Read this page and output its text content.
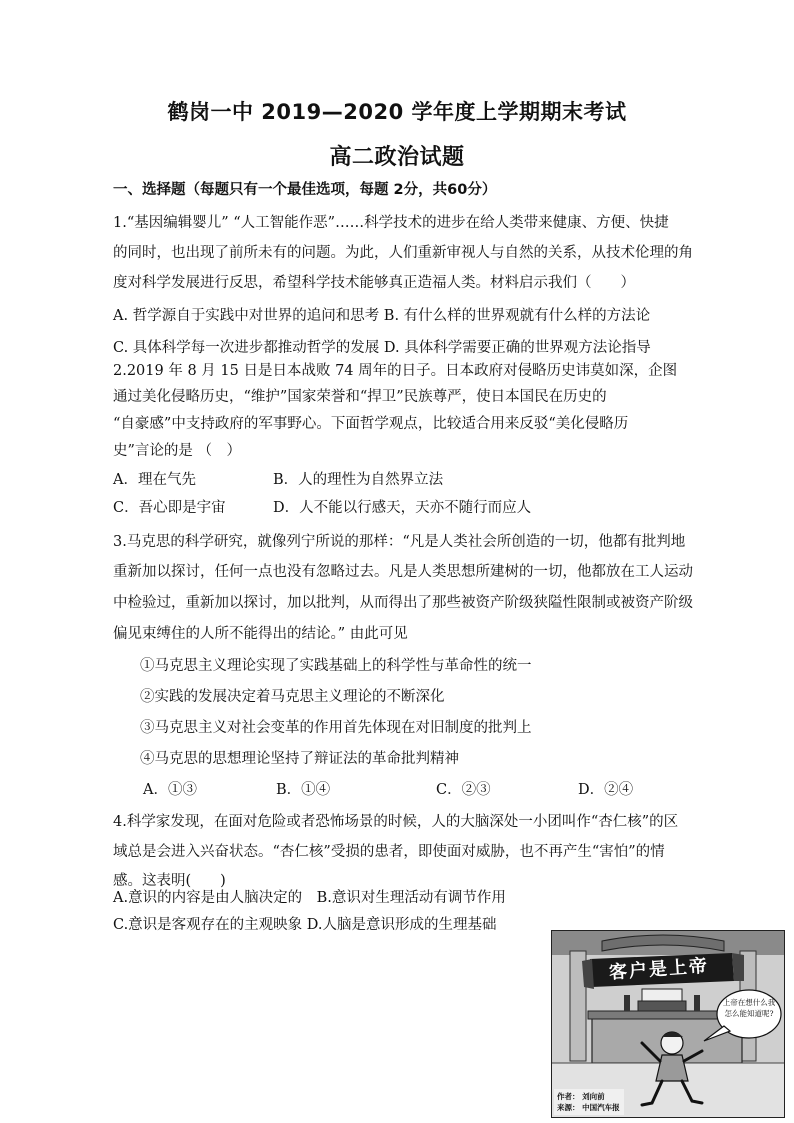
鹤岗一中 2019—2020 学年度上学期期末考试
高二政治试题
一、选择题（每题只有一个最佳选项，每题 2分，共60分）
1.“基因编辑婴儿” “人工智能作恶”……科学技术的进步在给人类带来健康、方便、快捷
的同时，也出现了前所未有的问题。为此，人们重新审视人与自然的关系，从技术伦理的角
度对科学发展进行反思，希望科学技术能够真正造福人类。材料启示我们（　　）
A. 哲学源自于实践中对世界的追问和思考 B. 有什么样的世界观就有什么样的方法论
C. 具体科学每一次进步都推动哲学的发展 D. 具体科学需要正确的世界观方法论指导
2.2019 年 8 月 15 日是日本战败 74 周年的日子。日本政府对侵略历史讳莫如深，企图
通过美化侵略历史，“维护”国家荣誉和“捍卫”民族尊严，使日本国民在历史的
“自豪感”中支持政府的军事野心。下面哲学观点，比较适合用来反驳“美化侵略历
史”言论的是 （　）
A．理在气先	B．人的理性为自然界立法
C．吾心即是宇宙	D．人不能以行感天，天亦不随行而应人
3.马克思的科学研究，就像列宁所说的那样：“凡是人类社会所创造的一切，他都有批判地
重新加以探讨，任何一点也没有忽略过去。凡是人类思想所建树的一切，他都放在工人运动
中检验过，重新加以探讨，加以批判，从而得出了那些被资产阶级狭隘性限制或被资产阶级
偏见束缚住的人所不能得出的结论。” 由此可见
①马克思主义理论实现了实践基础上的科学性与革命性的统一
②实践的发展决定着马克思主义理论的不断深化
③马克思主义对社会变革的作用首先体现在对旧制度的批判上
④马克思的思想理论坚持了辩证法的革命批判精神
A．①③	B．①④	C．②③	D．②④
4.科学家发现，在面对危险或者恐怖场景的时候，人的大脑深处一小团叫作“杏仁核”的区
域总是会进入兴奋状态。“杏仁核”受损的患者，即使面对威胁，也不再产生“害怕”的情
感。这表明(　　)
A.意识的内容是由人脑决定的　B.意识对生理活动有调节作用
C.意识是客观存在的主观映象 D.人脑是意识形成的生理基础
客户是上帝
上帝在想什么我怎么能知道呢?
作者： 刘向前
来源： 中国汽车报
